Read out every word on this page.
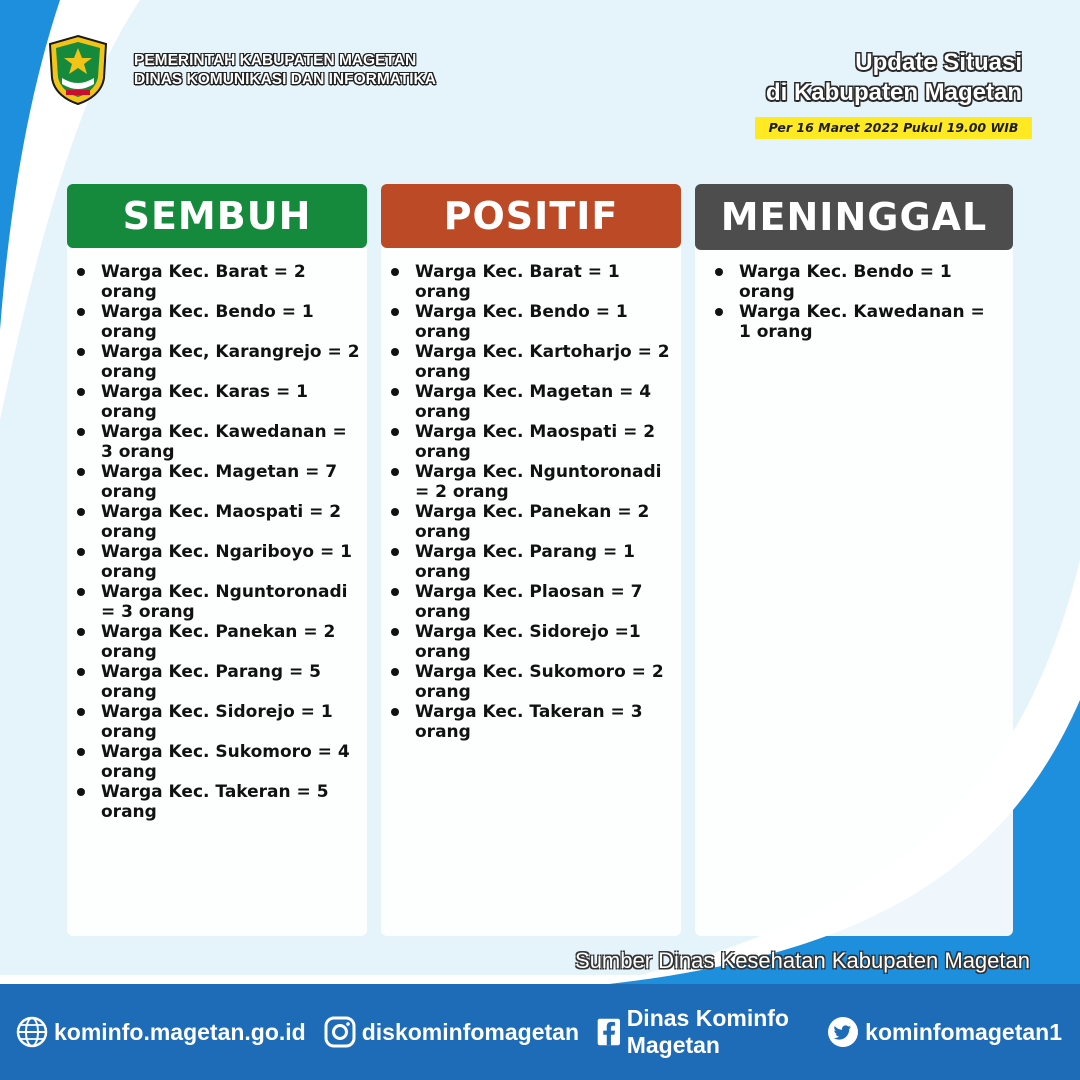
PEMERINTAH KABUPATEN MAGETAN
DINAS KOMUNIKASI DAN INFORMATIKA
Update Situasi
di Kabupaten Magetan
Per 16 Maret 2022 Pukul 19.00 WIB
SEMBUH
Warga Kec. Barat = 2 orang
Warga Kec. Bendo = 1 orang
Warga Kec, Karangrejo = 2 orang
Warga Kec. Karas = 1 orang
Warga Kec. Kawedanan = 3 orang
Warga Kec. Magetan = 7 orang
Warga Kec. Maospati = 2 orang
Warga Kec. Ngariboyo = 1 orang
Warga Kec. Nguntoronadi = 3 orang
Warga Kec. Panekan = 2 orang
Warga Kec. Parang = 5 orang
Warga Kec. Sidorejo = 1 orang
Warga Kec. Sukomoro = 4 orang
Warga Kec. Takeran = 5 orang
POSITIF
Warga Kec. Barat = 1 orang
Warga Kec. Bendo = 1 orang
Warga Kec. Kartoharjo = 2 orang
Warga Kec. Magetan = 4 orang
Warga Kec. Maospati = 2 orang
Warga Kec. Nguntoronadi = 2 orang
Warga Kec. Panekan = 2 orang
Warga Kec. Parang = 1 orang
Warga Kec. Plaosan = 7 orang
Warga Kec. Sidorejo =1 orang
Warga Kec. Sukomoro = 2 orang
Warga Kec. Takeran = 3 orang
MENINGGAL
Warga Kec. Bendo = 1 orang
Warga Kec. Kawedanan = 1 orang
Sumber Dinas Kesehatan Kabupaten Magetan
kominfo.magetan.go.id diskominfomagetan
Dinas Kominfo Magetan
kominfomagetan1
